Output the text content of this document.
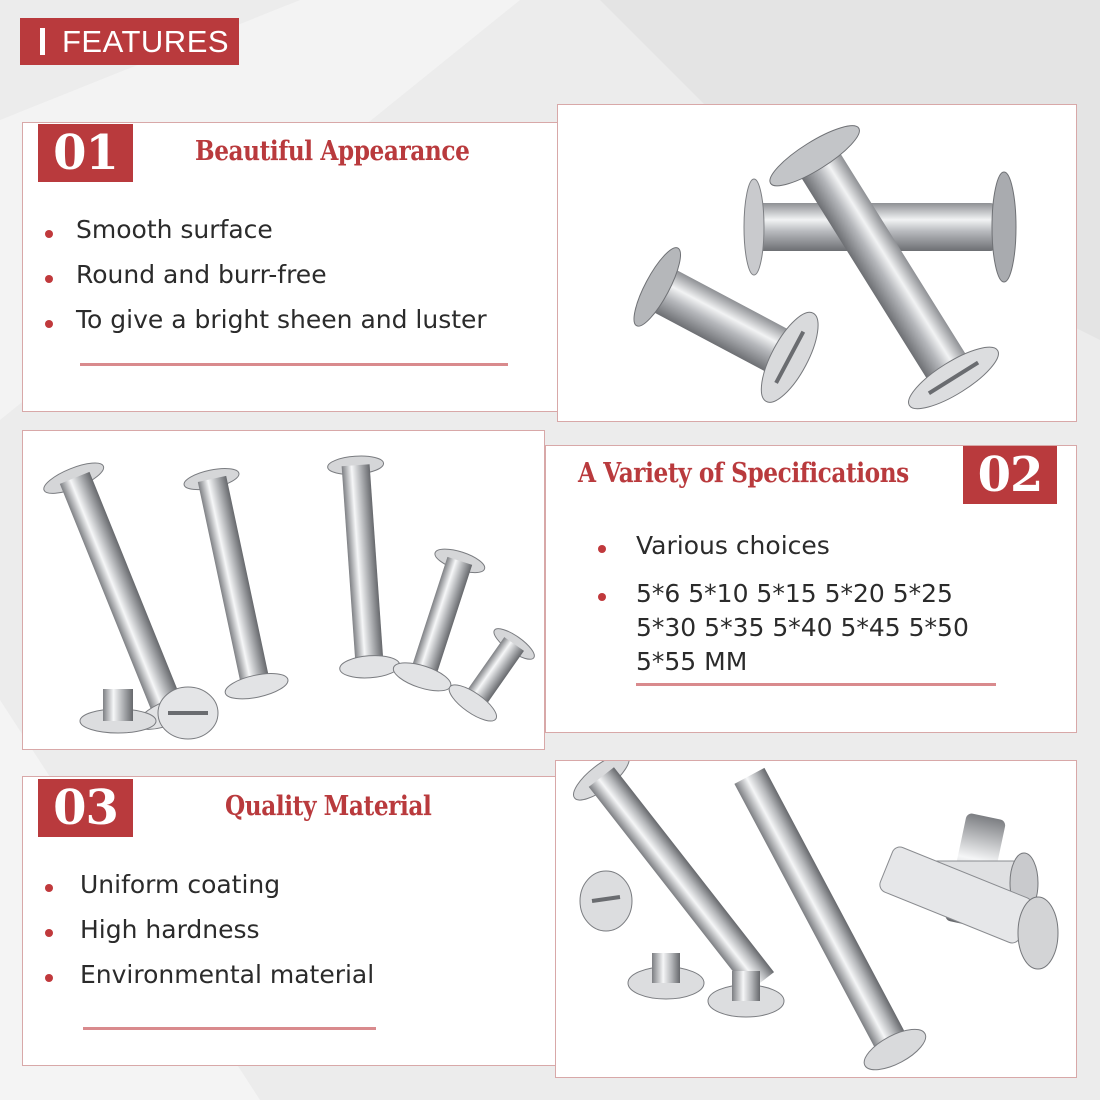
FEATURES
01	Beautiful Appearance
Smooth surface
Round and burr-free
To give a bright sheen and luster
A Variety of Specifications	02
Various choices
5*6 5*10 5*15 5*20 5*25
5*30 5*35 5*40 5*45 5*50
5*55 MM
03	Quality Material
Uniform coating
High hardness
Environmental material
